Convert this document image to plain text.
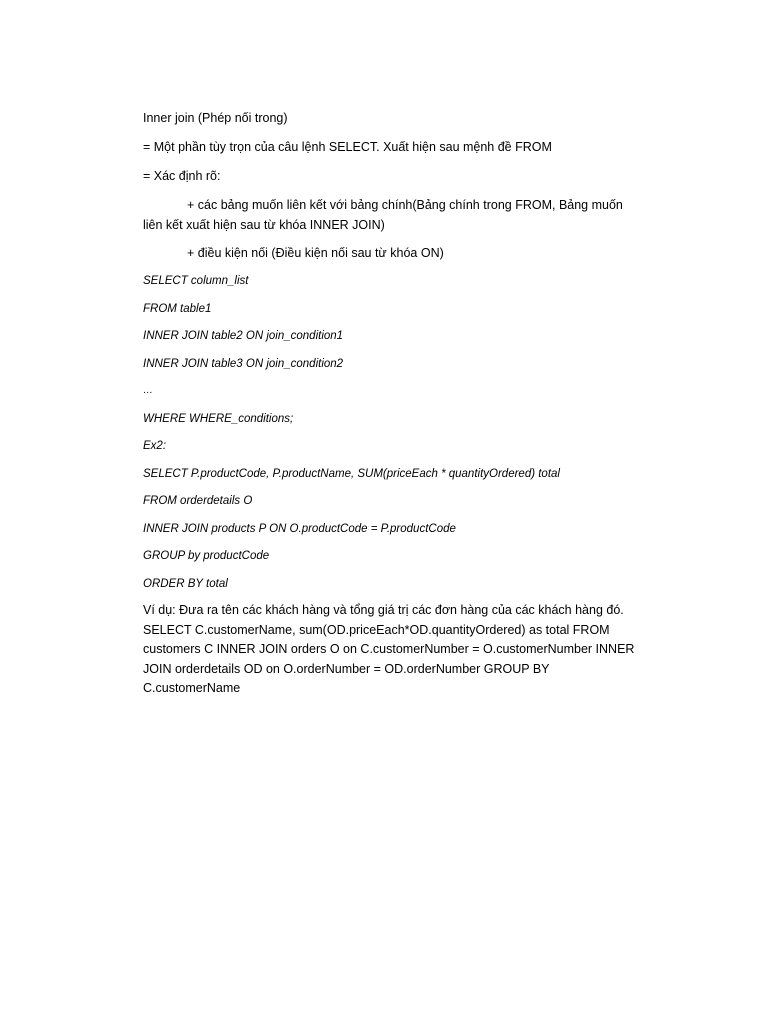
Inner join (Phép nối trong)

= Một phần tùy trọn của câu lệnh SELECT. Xuất hiện sau mệnh đề FROM

= Xác định rõ:

+ các bảng muốn liên kết với bảng chính(Bảng chính trong FROM, Bảng muốn liên kết xuất hiện sau từ khóa INNER JOIN)

+ điều kiện nối (Điều kiện nối sau từ khóa ON)

SELECT column_list

FROM table1

INNER JOIN table2 ON join_condition1

INNER JOIN table3 ON join_condition2

…

WHERE WHERE_conditions;

Ex2:

SELECT P.productCode, P.productName, SUM(priceEach * quantityOrdered) total

FROM orderdetails O

INNER JOIN products P ON O.productCode = P.productCode

GROUP by productCode

ORDER BY total

Ví dụ: Đưa ra tên các khách hàng và tổng giá trị các đơn hàng của các khách hàng đó. SELECT C.customerName, sum(OD.priceEach*OD.quantityOrdered) as total FROM customers C INNER JOIN orders O on C.customerNumber = O.customerNumber INNER JOIN orderdetails OD on O.orderNumber = OD.orderNumber GROUP BY C.customerName
